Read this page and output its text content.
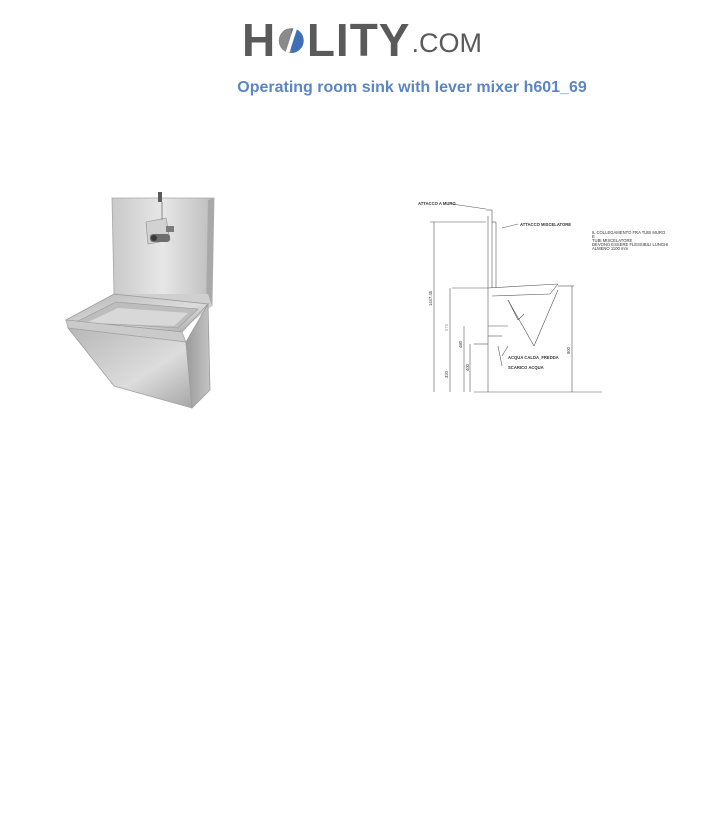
H LITY .COM
Operating room sink with lever mixer h601_69
ATTACCO A MURO
ATTACCO MISCELATORE
IL COLLEGAMENTO FRA TUBI MURO
E
TUBI MISCELATORE
DEVONO ESSERE FLESSIBILI LUNGHI
ALMENO 1100 mm
ACQUA CALDA_FREDDA
SCARICO ACQUA
1447.45
575
480
400
320
900
